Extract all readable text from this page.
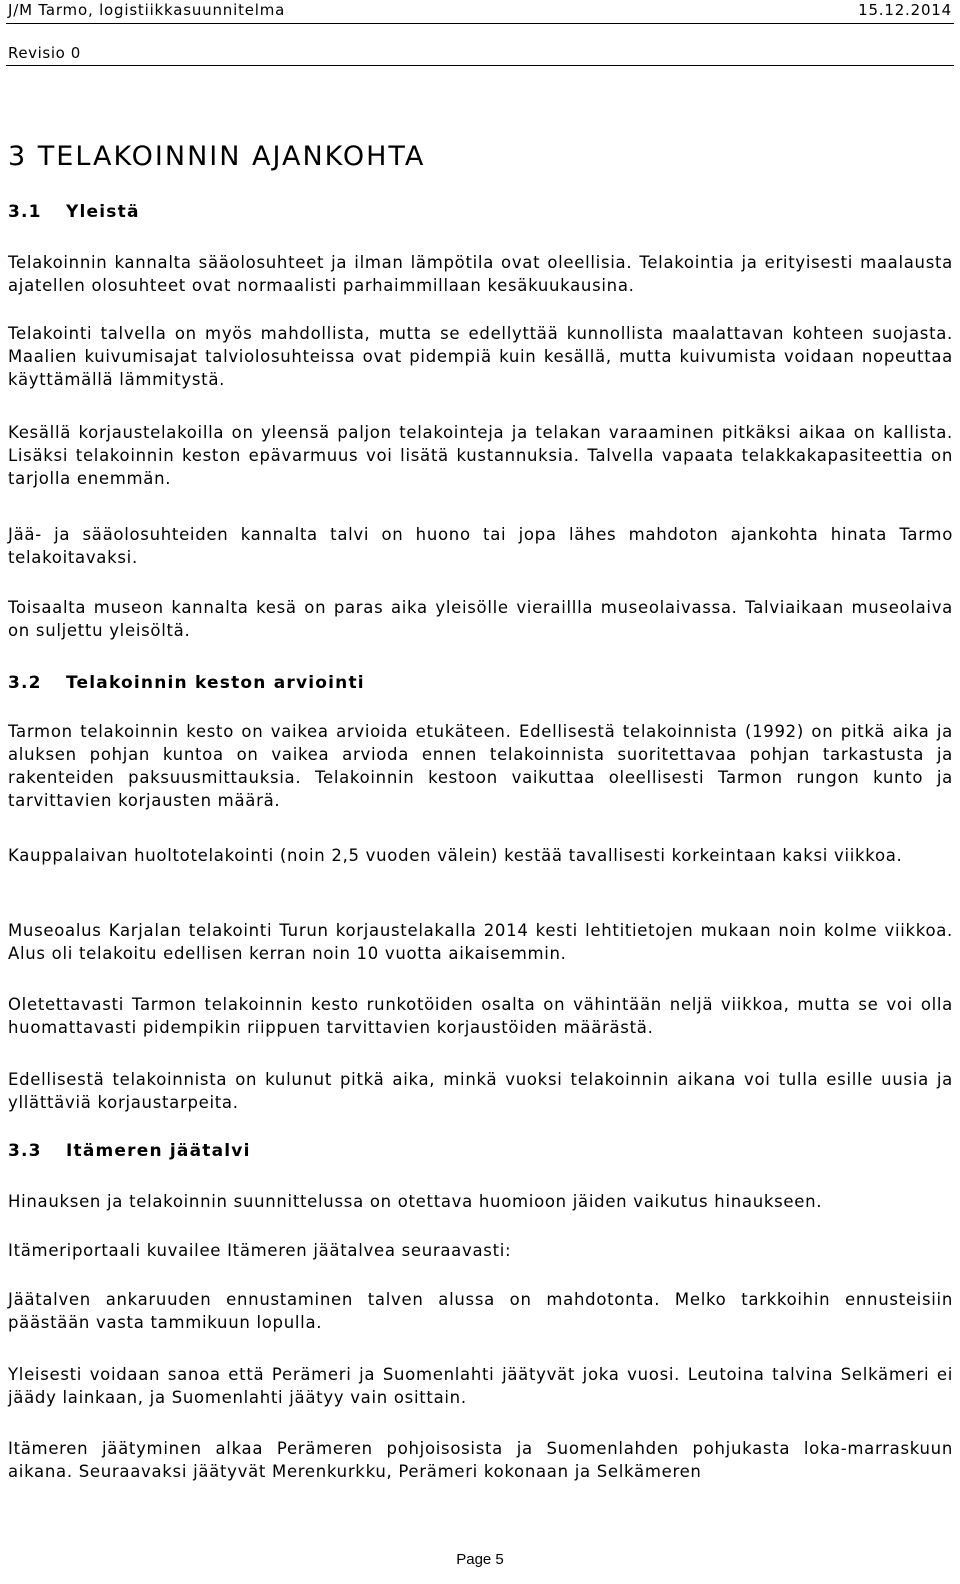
J/M Tarmo, logistiikkasuunnitelma	15.12.2014
Revisio 0
3 TELAKOINNIN AJANKOHTA
3.1 Yleistä

Telakoinnin kannalta sääolosuhteet ja ilman lämpötila ovat oleellisia. Telakointia ja erityisesti maalausta ajatellen olosuhteet ovat normaalisti parhaimmillaan kesäkuukausina.

Telakointi talvella on myös mahdollista, mutta se edellyttää kunnollista maalattavan kohteen suojasta. Maalien kuivumisajat talviolosuhteissa ovat pidempiä kuin kesällä, mutta kuivumista voidaan nopeuttaa käyttämällä lämmitystä.

Kesällä korjaustelakoilla on yleensä paljon telakointeja ja telakan varaaminen pitkäksi aikaa on kallista. Lisäksi telakoinnin keston epävarmuus voi lisätä kustannuksia. Talvella vapaata telakkakapasiteettia on tarjolla enemmän.

Jää- ja sääolosuhteiden kannalta talvi on huono tai jopa lähes mahdoton ajankohta hinata Tarmo telakoitavaksi.

Toisaalta museon kannalta kesä on paras aika yleisölle vieraillla museolaivassa. Talviaikaan museolaiva on suljettu yleisöltä.

3.2 Telakoinnin keston arviointi

Tarmon telakoinnin kesto on vaikea arvioida etukäteen. Edellisestä telakoinnista (1992) on pitkä aika ja aluksen pohjan kuntoa on vaikea arvioda ennen telakoinnista suoritettavaa pohjan tarkastusta ja rakenteiden paksuusmittauksia. Telakoinnin kestoon vaikuttaa oleellisesti Tarmon rungon kunto ja tarvittavien korjausten määrä.

Kauppalaivan huoltotelakointi (noin 2,5 vuoden välein) kestää tavallisesti korkeintaan kaksi viikkoa.

Museoalus Karjalan telakointi Turun korjaustelakalla 2014 kesti lehtitietojen mukaan noin kolme viikkoa. Alus oli telakoitu edellisen kerran noin 10 vuotta aikaisemmin.

Oletettavasti Tarmon telakoinnin kesto runkotöiden osalta on vähintään neljä viikkoa, mutta se voi olla huomattavasti pidempikin riippuen tarvittavien korjaustöiden määrästä.

Edellisestä telakoinnista on kulunut pitkä aika, minkä vuoksi telakoinnin aikana voi tulla esille uusia ja yllättäviä korjaustarpeita.

3.3 Itämeren jäätalvi

Hinauksen ja telakoinnin suunnittelussa on otettava huomioon jäiden vaikutus hinaukseen.

Itämeriportaali kuvailee Itämeren jäätalvea seuraavasti:

Jäätalven ankaruuden ennustaminen talven alussa on mahdotonta. Melko tarkkoihin ennusteisiin päästään vasta tammikuun lopulla.

Yleisesti voidaan sanoa että Perämeri ja Suomenlahti jäätyvät joka vuosi. Leutoina talvina Selkämeri ei jäädy lainkaan, ja Suomenlahti jäätyy vain osittain.

Itämeren jäätyminen alkaa Perämeren pohjoisosista ja Suomenlahden pohjukasta loka-marraskuun aikana. Seuraavaksi jäätyvät Merenkurkku, Perämeri kokonaan ja Selkämeren

Page 5
